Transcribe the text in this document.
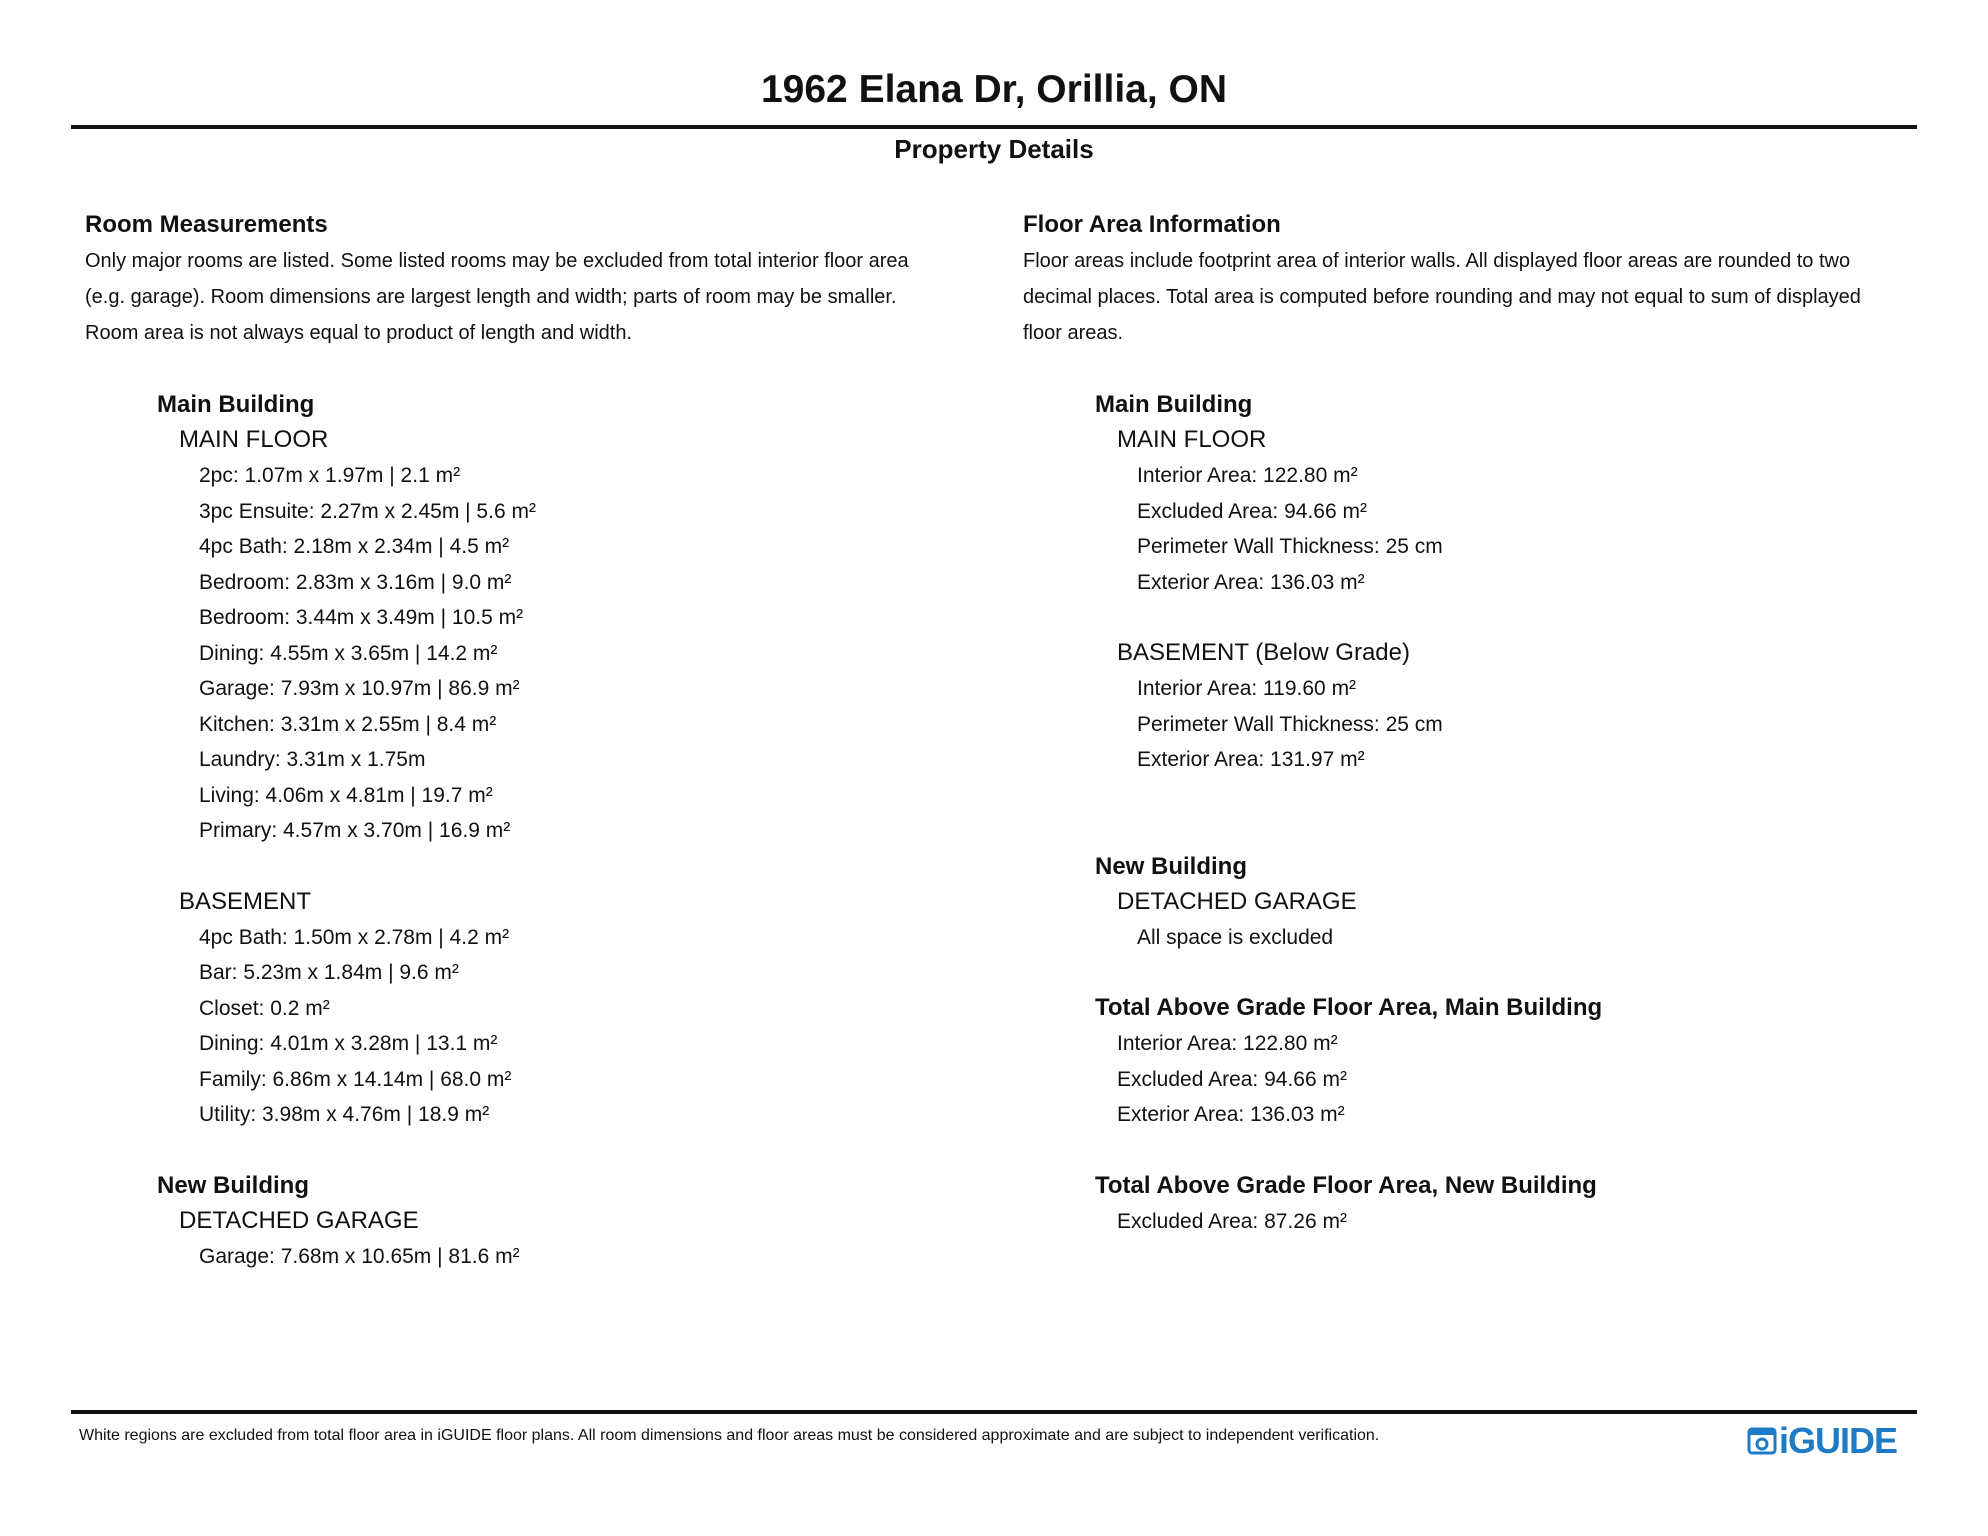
1962 Elana Dr, Orillia, ON
Property Details
Room Measurements
Only major rooms are listed. Some listed rooms may be excluded from total interior floor area
(e.g. garage). Room dimensions are largest length and width; parts of room may be smaller.
Room area is not always equal to product of length and width.
Main Building
MAIN FLOOR
2pc: 1.07m x 1.97m | 2.1 m²
3pc Ensuite: 2.27m x 2.45m | 5.6 m²
4pc Bath: 2.18m x 2.34m | 4.5 m²
Bedroom: 2.83m x 3.16m | 9.0 m²
Bedroom: 3.44m x 3.49m | 10.5 m²
Dining: 4.55m x 3.65m | 14.2 m²
Garage: 7.93m x 10.97m | 86.9 m²
Kitchen: 3.31m x 2.55m | 8.4 m²
Laundry: 3.31m x 1.75m
Living: 4.06m x 4.81m | 19.7 m²
Primary: 4.57m x 3.70m | 16.9 m²
BASEMENT
4pc Bath: 1.50m x 2.78m | 4.2 m²
Bar: 5.23m x 1.84m | 9.6 m²
Closet: 0.2 m²
Dining: 4.01m x 3.28m | 13.1 m²
Family: 6.86m x 14.14m | 68.0 m²
Utility: 3.98m x 4.76m | 18.9 m²
New Building
DETACHED GARAGE
Garage: 7.68m x 10.65m | 81.6 m²
Floor Area Information
Floor areas include footprint area of interior walls. All displayed floor areas are rounded to two
decimal places. Total area is computed before rounding and may not equal to sum of displayed
floor areas.
Main Building
MAIN FLOOR
Interior Area: 122.80 m²
Excluded Area: 94.66 m²
Perimeter Wall Thickness: 25 cm
Exterior Area: 136.03 m²
BASEMENT (Below Grade)
Interior Area: 119.60 m²
Perimeter Wall Thickness: 25 cm
Exterior Area: 131.97 m²
New Building
DETACHED GARAGE
All space is excluded
Total Above Grade Floor Area, Main Building
Interior Area: 122.80 m²
Excluded Area: 94.66 m²
Exterior Area: 136.03 m²
Total Above Grade Floor Area, New Building
Excluded Area: 87.26 m²
White regions are excluded from total floor area in iGUIDE floor plans. All room dimensions and floor areas must be considered approximate and are subject to independent verification.	iGUIDE
